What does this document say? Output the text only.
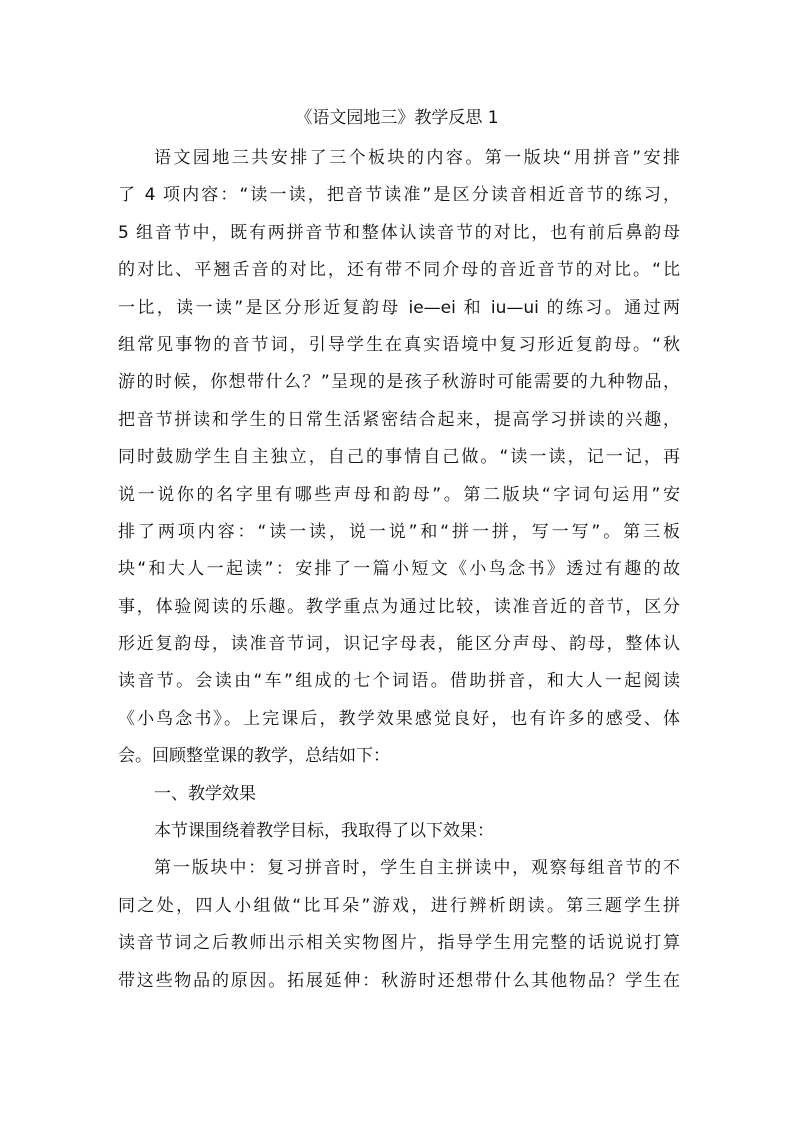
《语文园地三》教学反思 1
语文园地三共安排了三个板块的内容。第一版块“用拼音”安排
了 4 项内容：“读一读，把音节读准”是区分读音相近音节的练习，
5 组音节中，既有两拼音节和整体认读音节的对比，也有前后鼻韵母
的对比、平翘舌音的对比，还有带不同介母的音近音节的对比。“比
一比，读一读”是区分形近复韵母 ie—ei 和 iu—ui 的练习。通过两
组常见事物的音节词，引导学生在真实语境中复习形近复韵母。“秋
游的时候，你想带什么？”呈现的是孩子秋游时可能需要的九种物品，
把音节拼读和学生的日常生活紧密结合起来，提高学习拼读的兴趣，
同时鼓励学生自主独立，自己的事情自己做。“读一读，记一记，再
说一说你的名字里有哪些声母和韵母”。第二版块“字词句运用”安
排了两项内容：“读一读，说一说”和“拼一拼，写一写”。第三板
块“和大人一起读”：安排了一篇小短文《小鸟念书》透过有趣的故
事，体验阅读的乐趣。教学重点为通过比较，读准音近的音节，区分
形近复韵母，读准音节词，识记字母表，能区分声母、韵母，整体认
读音节。会读由“车”组成的七个词语。借助拼音，和大人一起阅读
《小鸟念书》。上完课后，教学效果感觉良好，也有许多的感受、体
会。回顾整堂课的教学，总结如下：
一、教学效果
本节课围绕着教学目标，我取得了以下效果：
第一版块中：复习拼音时，学生自主拼读中，观察每组音节的不
同之处，四人小组做“比耳朵”游戏，进行辨析朗读。第三题学生拼
读音节词之后教师出示相关实物图片，指导学生用完整的话说说打算
带这些物品的原因。拓展延伸：秋游时还想带什么其他物品？学生在
